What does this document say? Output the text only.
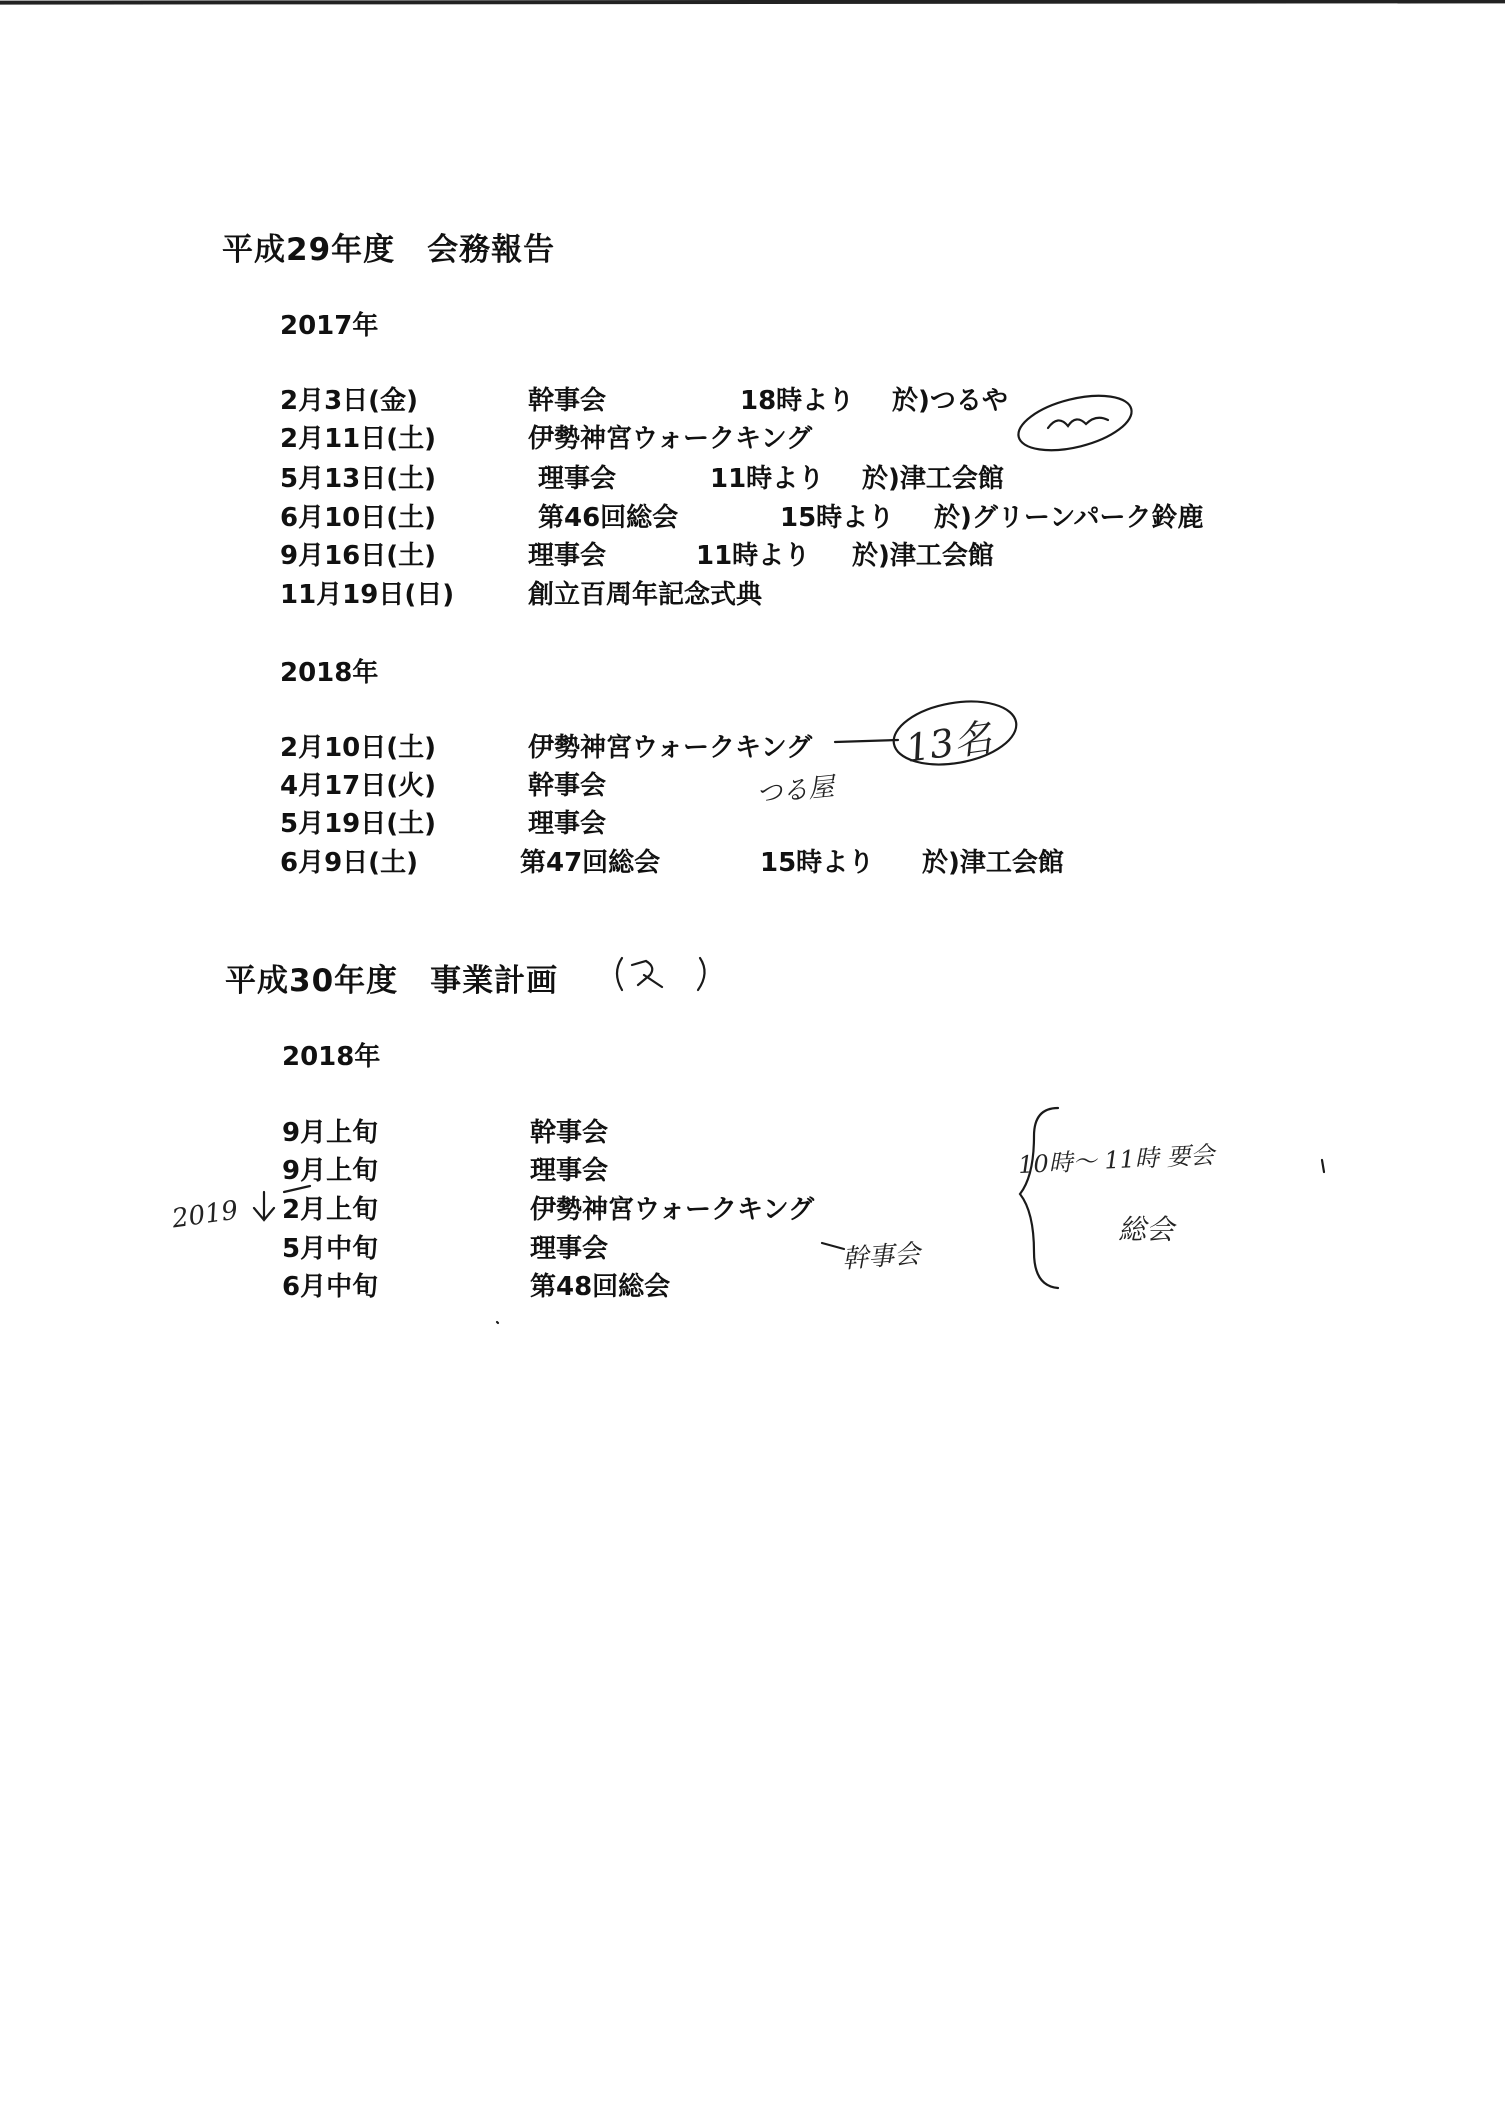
平成29年度　会務報告
2017年
2月3日(金)	幹事会	18時より 於)つるや
2月11日(土)	伊勢神宮ウォークキング
5月13日(土)	理事会	11時より 於)津工会館
6月10日(土)	第46回総会	15時より 於)グリーンパーク鈴鹿
9月16日(土)	理事会	11時より 於)津工会館
11月19日(日)	創立百周年記念式典
2018年
2月10日(土)	伊勢神宮ウォークキング
4月17日(火)	幹事会
5月19日(土)	理事会
6月9日(土)	第47回総会	15時より 於)津工会館
平成30年度　事業計画
2018年
9月上旬	幹事会
9月上旬	理事会
2月上旬	伊勢神宮ウォークキング
5月中旬	理事会
6月中旬	第48回総会
つる屋
13名
2019
幹事会
10時～ 11時 要会
総会
